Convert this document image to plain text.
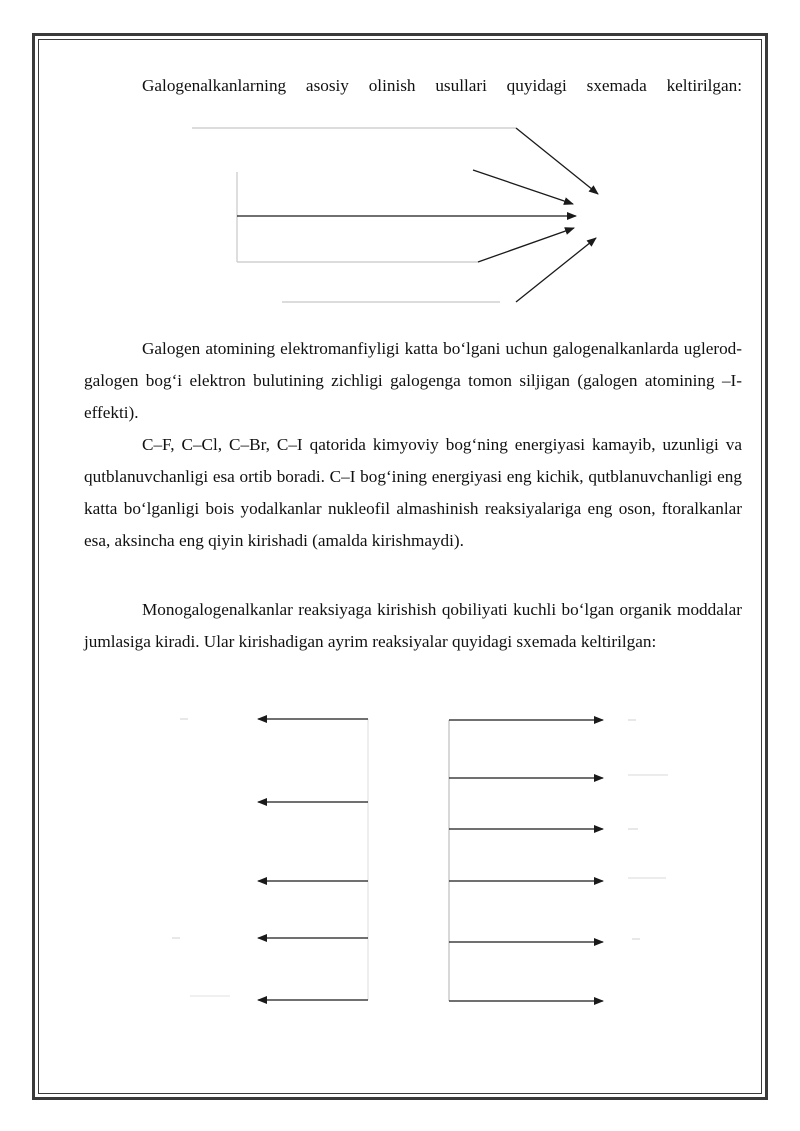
Galogenalkanlarning asosiy olinish usullari quyidagi sxemada keltirilgan:

Galogen atomining elektromanfiyligi katta bo‘lgani uchun galogenalkanlarda uglerod-galogen bog‘i elektron bulutining zichligi galogenga tomon siljigan (galogen atomining –I- effekti).

C–F, C–Cl, C–Br, C–I qatorida kimyoviy bog‘ning energiyasi kamayib, uzunligi va qutblanuvchanligi esa ortib boradi. C–I bog‘ining energiyasi eng kichik, qutblanuvchanligi eng katta bo‘lganligi bois yodalkanlar nukleofil almashinish reaksiyalariga eng oson, ftoralkanlar esa, aksincha eng qiyin kirishadi (amalda kirishmaydi).

Monogalogenalkanlar reaksiyaga kirishish qobiliyati kuchli bo‘lgan organik moddalar jumlasiga kiradi. Ular kirishadigan ayrim reaksiyalar quyidagi sxemada keltirilgan:
